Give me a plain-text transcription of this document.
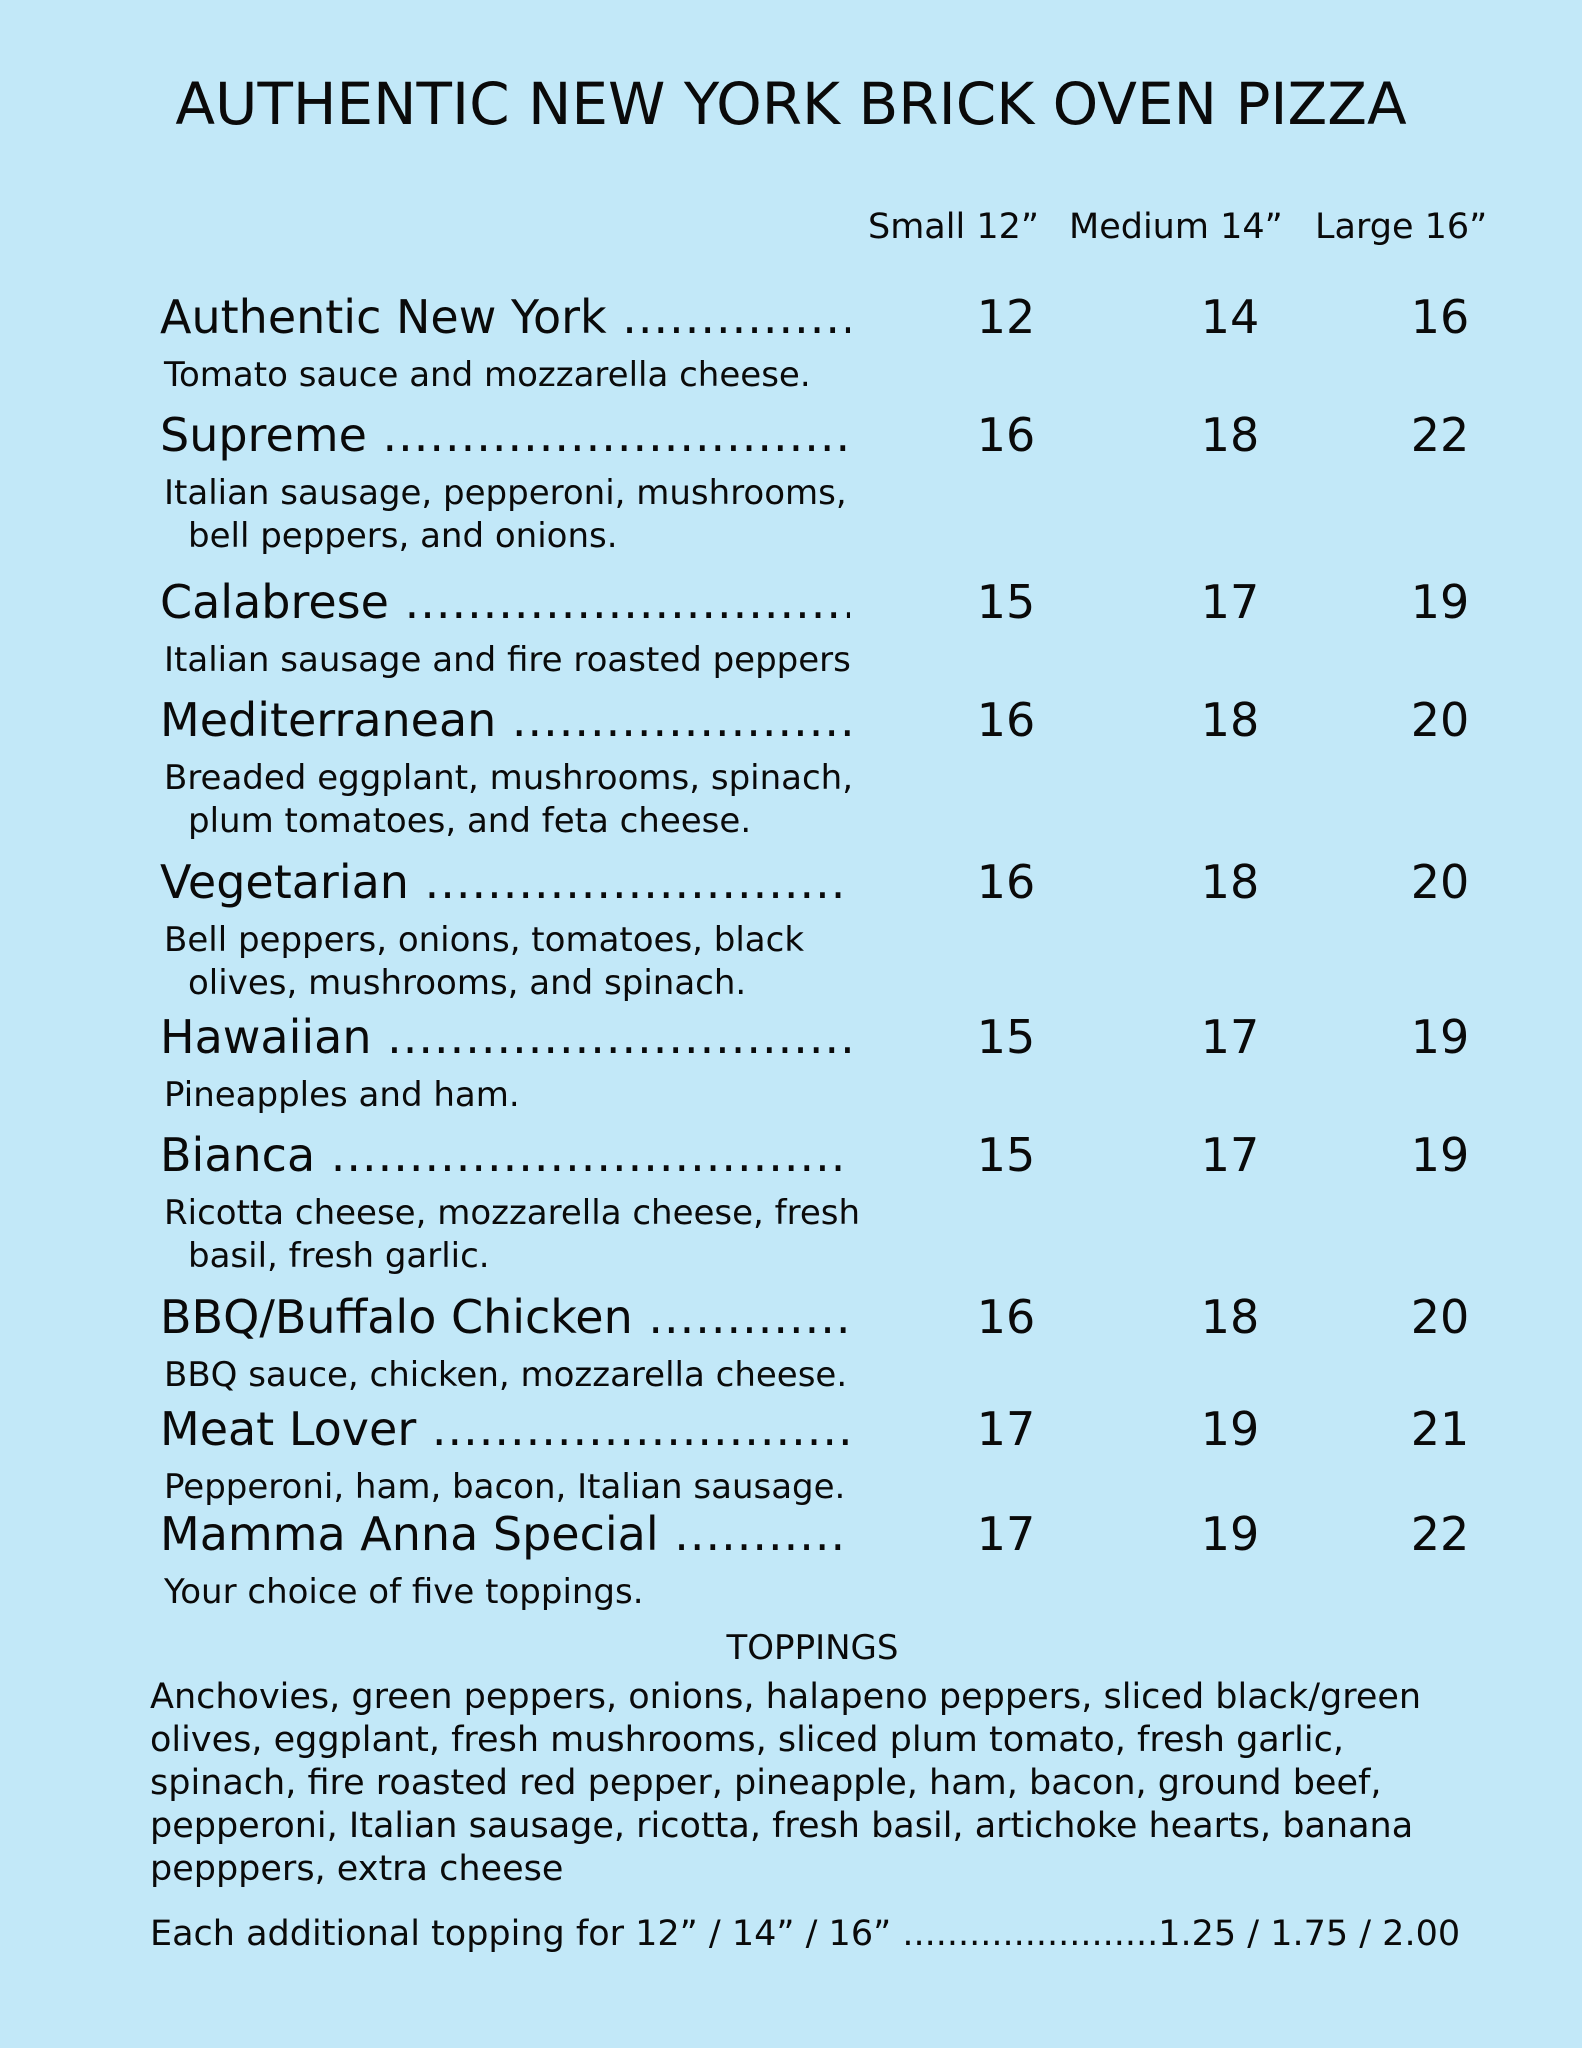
AUTHENTIC NEW YORK BRICK OVEN PIZZA
Small 12” Medium 14” Large 16”
Authentic New York .....	12	14	16
Tomato sauce and mozzarella cheese.
Supreme .....	16	18	22
Italian sausage, pepperoni, mushrooms, bell peppers, and onions.
Calabrese .....	15	17	19
Italian sausage and fire roasted peppers
Mediterranean .....	16	18	20
Breaded eggplant, mushrooms, spinach, plum tomatoes, and feta cheese.
Vegetarian .....	16	18	20
Bell peppers, onions, tomatoes, black olives, mushrooms, and spinach.
Hawaiian .....	15	17	19
Pineapples and ham.
Bianca .....	15	17	19
Ricotta cheese, mozzarella cheese, fresh basil, fresh garlic.
BBQ/Buffalo Chicken .....	16	18	20
BBQ sauce, chicken, mozzarella cheese.
Meat Lover .....	17	19	21
Pepperoni, ham, bacon, Italian sausage.
Mamma Anna Special .....	17	19	22
Your choice of five toppings.
TOPPINGS
Anchovies, green peppers, onions, halapeno peppers, sliced black/green olives, eggplant, fresh mushrooms, sliced plum tomato, fresh garlic, spinach, fire roasted red pepper, pineapple, ham, bacon, ground beef, pepperoni, Italian sausage, ricotta, fresh basil, artichoke hearts, banana pepppers, extra cheese
Each additional topping for 12” / 14” / 16” .......................1.25 / 1.75 / 2.00
